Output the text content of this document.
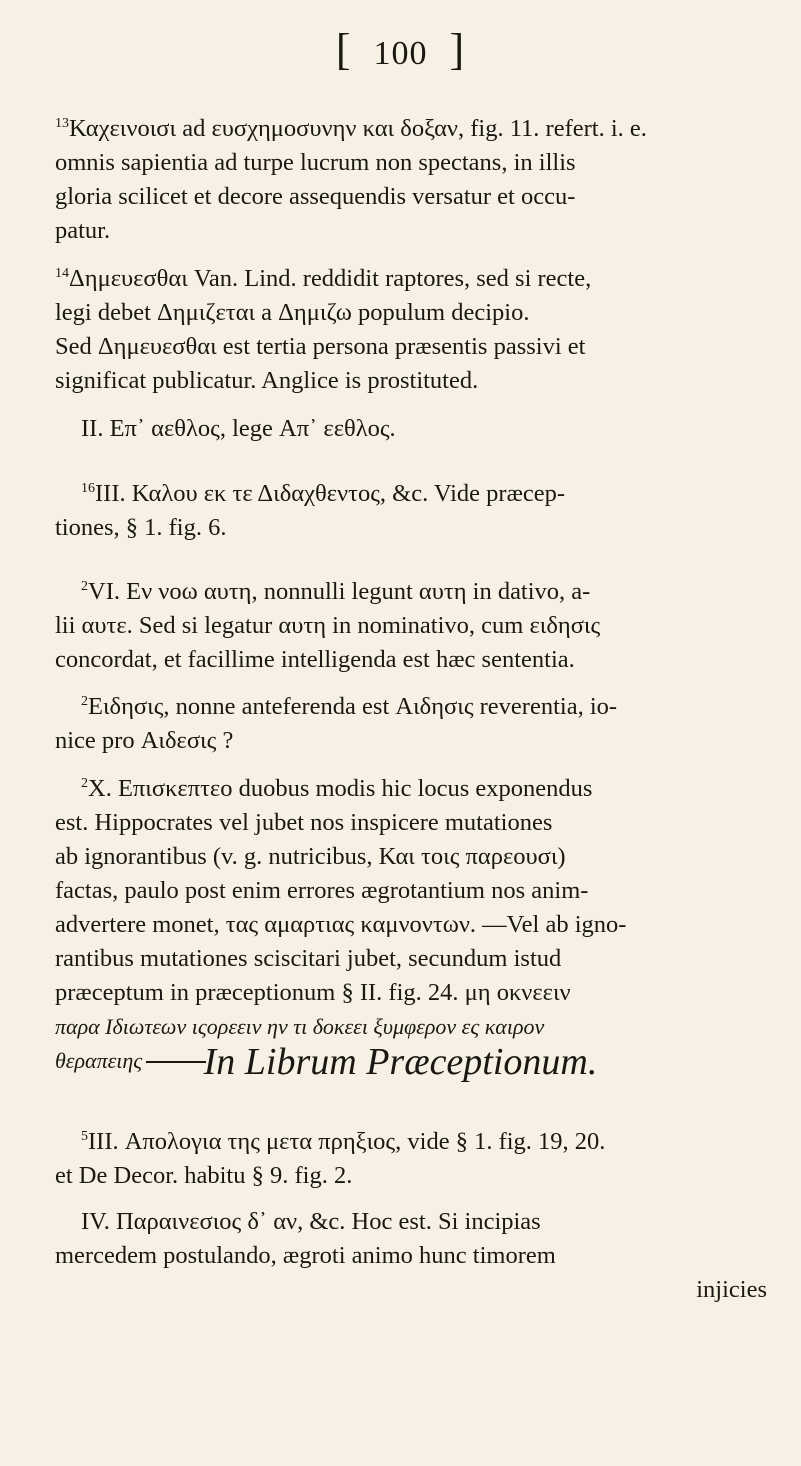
[ 100 ]

$^{13}$Καχεινοισι ad ευσχημοσυνην και δοξαν, fig. 11. refert. i. e.
omnis sapientia ad turpe lucrum non spectans, in illis
gloria scilicet et decore assequendis versatur et occu-
patur.

$^{14}$Δημευεσθαι Van. Lind. reddidit raptores, sed si recte,
legi debet Δημιζεται a Δημιζω populum decipio.
Sed Δημευεσθαι est tertia persona præsentis passivi et
significat publicatur. Anglice is prostituted.

II. Επ᾽ αεθλος, lege Απ᾽ εεθλος.

$^{16}$III. Καλου εκ τε Διδαχθεντος, &c. Vide præcep-
tiones, § 1. fig. 6.

$^2$VI. Εν νοω αυτη, nonnulli legunt αυτη in dativo, a-
lii αυτε. Sed si legatur αυτη in nominativo, cum ειδησις
concordat, et facillime intelligenda est hæc sententia.

$^2$Ειδησις, nonne anteferenda est Αιδησις reverentia, io-
nice pro Αιδεσις ?

$^2$X. Επισκεπτεο duobus modis hic locus exponendus
est. Hippocrates vel jubet nos inspicere mutationes
ab ignorantibus (v. g. nutricibus, Και τοις παρεουσι)
factas, paulo post enim errores ægrotantium nos anim-
advertere monet, τας αμαρτιας καμνοντων. —Vel ab igno-
rantibus mutationes sciscitari jubet, secundum istud
præceptum in præceptionum § II. fig. 24. μη οκνεειν
παρα Ιδιωτεων ιςορεειν ην τι δοκεει ξυμφερον ες καιρον
θεραπειης	In Librum Præceptionum.

$^5$III. Απολογια της μετα πρηξιος, vide § 1. fig. 19, 20.
et De Decor. habitu § 9. fig. 2.

IV. Παραινεσιος δ᾽ αν, &c. Hoc est. Si incipias
mercedem postulando, ægroti animo hunc timorem
injicies
